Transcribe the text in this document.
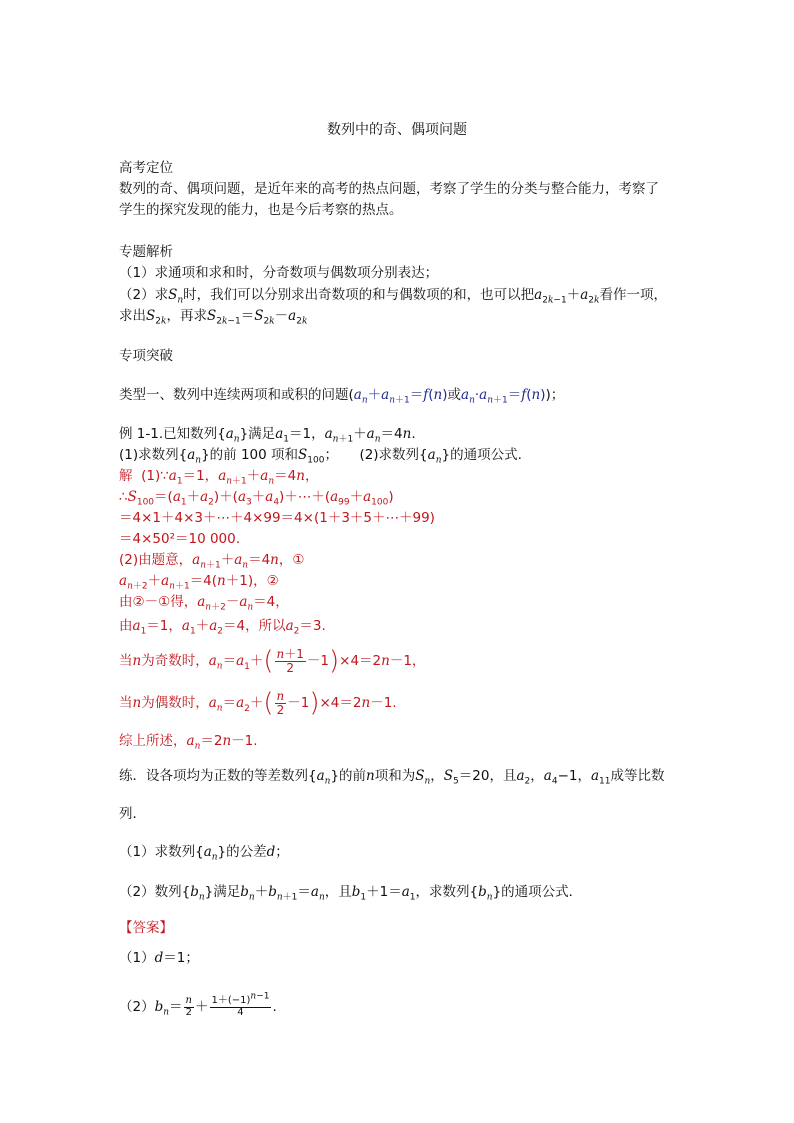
数列中的奇、偶项问题
高考定位
数列的奇、偶项问题，是近年来的高考的热点问题，考察了学生的分类与整合能力，考察了
学生的探究发现的能力，也是今后考察的热点。
专题解析
（1）求通项和求和时，分奇数项与偶数项分别表达；
（2）求$S_n$时，我们可以分别求出奇数项的和与偶数项的和，也可以把$a_{2k-1}+a_{2k}$看作一项，
求出$S_{2k}$，再求$S_{2k-1}=S_{2k}-a_{2k}$
专项突破
类型一、数列中连续两项和或积的问题($a_n+a_{n+1}=f(n)$或$a_n\cdot a_{n+1}=f(n)$)；
例 1-1.已知数列$\{a_n\}$满足$a_1=1$，$a_{n+1}+a_n=4n$.
(1)求数列$\{a_n\}$的前 100 项和$S_{100}$；     (2)求数列$\{a_n\}$的通项公式.
解  $(1)\because a_1=1$，$a_{n+1}+a_n=4n$，
$\therefore S_{100}=(a_1+a_2)+(a_3+a_4)+\cdots+(a_{99}+a_{100})$
＝4×1＋4×3＋⋯＋4×99＝4×(1＋3＋5＋⋯＋99)
＝4×50²＝10 000.
(2)由题意，$a_{n+1}+a_n=4n$，①
$a_{n+2}+a_{n+1}=4(n+1)$，②
由②－①得，$a_{n+2}-a_n=4$，
由$a_1=1$，$a_1+a_2=4$，所以$a_2=3$.
当n为奇数时，$a_n=a_1+( \frac{n+1}{2} -1)\times 4=2n-1$，
当n为偶数时，$a_n=a_2+( \frac{n}{2} -1)\times 4=2n-1$.
综上所述，$a_n=2n-1$.
练．设各项均为正数的等差数列$\{a_n\}$的前n项和为$S_n$，$S_5=20$，且$a_2$，$a_4-1$，$a_{11}$成等比数
列．
（1）求数列$\{a_n\}$的公差d；
（2）数列$\{b_n\}$满足$b_n+b_{n+1}=a_n$，且$b_1+1=a_1$，求数列$\{b_n\}$的通项公式．
【答案】
（1）d＝1；
$(2)b_n= \frac{n}{2} + \frac{1+(-1)^{n-1}}{4}$ .
